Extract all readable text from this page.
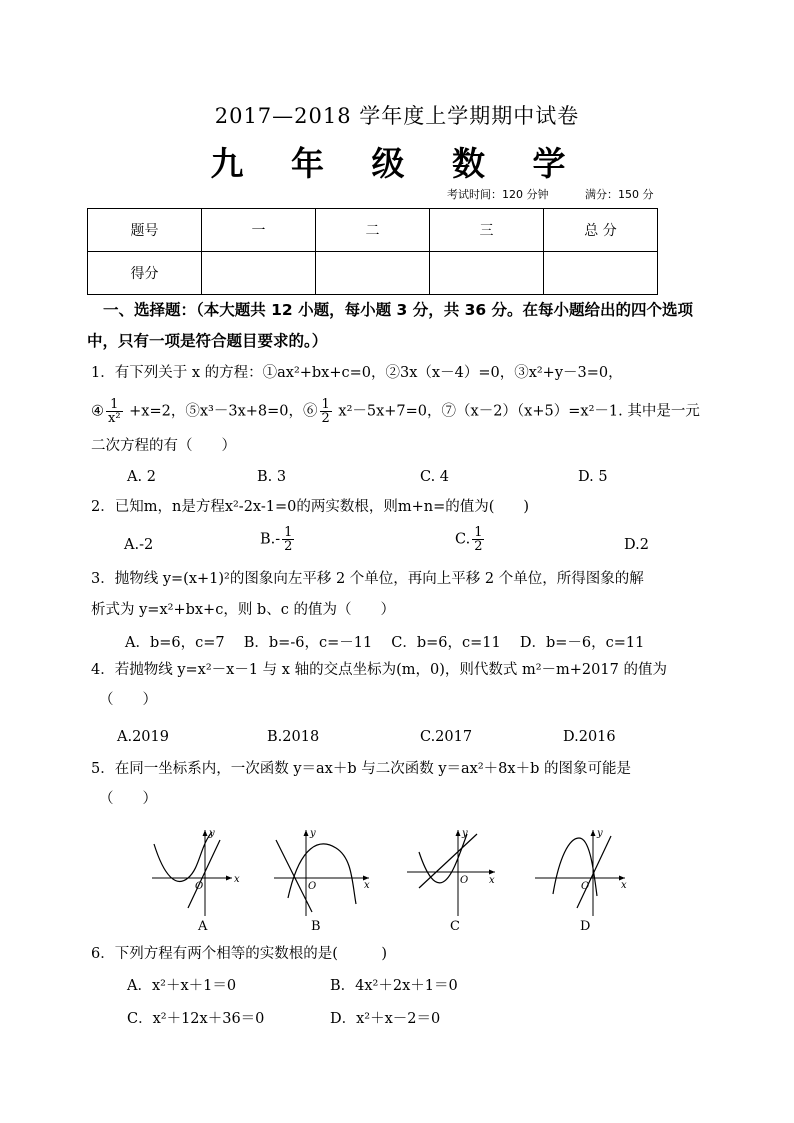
2017—2018 学年度上学期期中试卷
九 年 级 数 学
考试时间：120 分钟	满分：150 分
题号	一	二	三	总 分
得分				
一、选择题：（本大题共 12 小题，每小题 3 分，共 36 分。在每小题给出的四个选项
中，只有一项是符合题目要求的。）
1．有下列关于 x 的方程：①ax²+bx+c=0，②3x（x－4）=0，③x²+y－3=0，
④ $\frac{1}{\text{x²}} +x=2$，⑤x³－3x+8=0，⑥ $\frac{1}{2} x^2-5x+7=0$，⑦（x－2）（x+5）=x²－1. 其中是一元
二次方程的有（　　）
A. 2	B. 3	C. 4	D. 5
2．已知m，n是方程x²-2x-1=0的两实数根，则m+n=的值为(　　)
A.-2	$B.- \frac{1}{2}$	C. $\frac{1}{2}$	D.2
3．抛物线 y=(x+1)²的图象向左平移 2 个单位，再向上平移 2 个单位，所得图象的解
析式为 y=x²+bx+c，则 b、c 的值为（　　）
A．b=6，c=7　 B．b=-6，c=－11　 C．b=6，c=11　 D．b=－6，c=11
4．若抛物线 y=x²－x－1 与 x 轴的交点坐标为(m，0)，则代数式 m²－m+2017 的值为
（　　）
A.2019	B.2018	C.2017	D.2016
5．在同一坐标系内，一次函数 y＝ax＋b 与二次函数 y＝ax²＋8x＋b 的图象可能是
（　　）
x
y
O	x
y
O
x
y
O	x
y
O
A	B	C	D
6．下列方程有两个相等的实数根的是(　　　)
A．x²＋x＋1＝0	B．4x²＋2x＋1＝0
C．x²＋12x＋36＝0	D．x²＋x－2＝0
